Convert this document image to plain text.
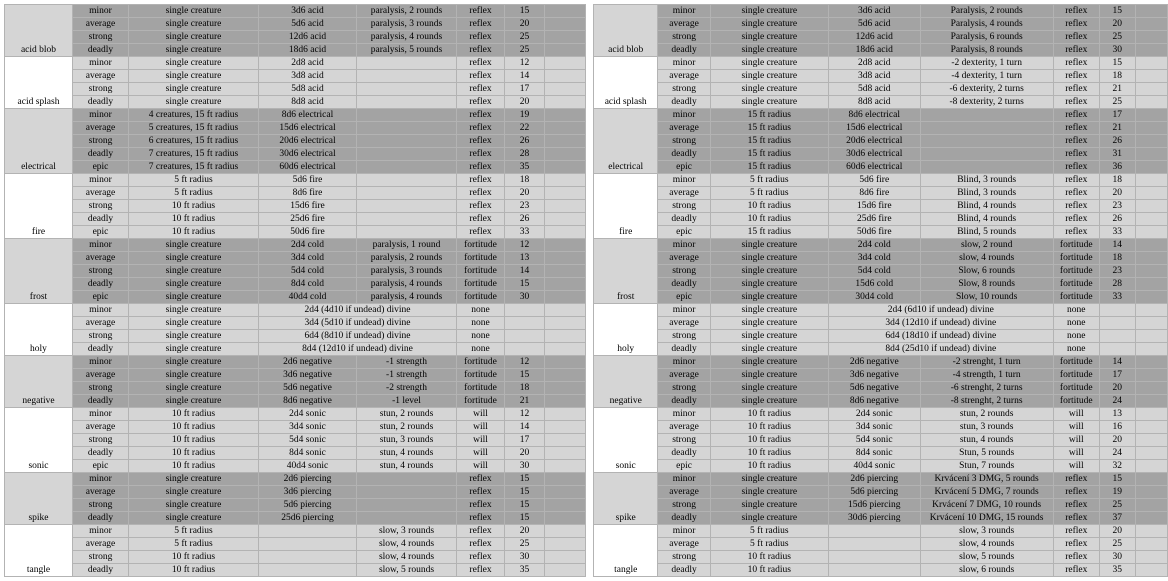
acid blob	minor	single creature	3d6 acid	paralysis, 2 rounds	reflex	15	
	average	single creature	5d6 acid	paralysis, 3 rounds	reflex	20	
	strong	single creature	12d6 acid	paralysis, 4 rounds	reflex	25	
	deadly	single creature	18d6 acid	paralysis, 5 rounds	reflex	25	
acid splash	minor	single creature	2d8 acid		reflex	12	
	average	single creature	3d8 acid		reflex	14	
	strong	single creature	5d8 acid		reflex	17	
	deadly	single creature	8d8 acid		reflex	20	
electrical	minor	4 creatures, 15 ft radius	8d6 electrical		reflex	19	
	average	5 creatures, 15 ft radius	15d6 electrical		reflex	22	
	strong	6 creatures, 15 ft radius	20d6 electrical		reflex	26	
	deadly	7 creatures, 15 ft radius	30d6 electrical		reflex	28	
	epic	7 creatures, 15 ft radius	60d6 electrical		reflex	35	
fire	minor	5 ft radius	5d6 fire		reflex	18	
	average	5 ft radius	8d6 fire		reflex	20	
	strong	10 ft radius	15d6 fire		reflex	23	
	deadly	10 ft radius	25d6 fire		reflex	26	
	epic	10 ft radius	50d6 fire		reflex	33	
frost	minor	single creature	2d4 cold	paralysis, 1 round	fortitude	12	
	average	single creature	3d4 cold	paralysis, 2 rounds	fortitude	13	
	strong	single creature	5d4 cold	paralysis, 3 rounds	fortitude	14	
	deadly	single creature	8d4 cold	paralysis, 4 rounds	fortitude	15	
	epic	single creature	40d4 cold	paralysis, 4 rounds	fortitude	30	
holy	minor	single creature	2d4 (4d10 if undead) divine		none		
	average	single creature	3d4 (5d10 if undead) divine		none		
	strong	single creature	6d4 (8d10 if undead) divine		none		
	deadly	single creature	8d4 (12d10 if undead) divine		none		
negative	minor	single creature	2d6 negative	-1 strength	fortitude	12	
	average	single creature	3d6 negative	-1 strength	fortitude	15	
	strong	single creature	5d6 negative	-2 strength	fortitude	18	
	deadly	single creature	8d6 negative	-1 level	fortitude	21	
sonic	minor	10 ft radius	2d4 sonic	stun, 2 rounds	will	12	
	average	10 ft radius	3d4 sonic	stun, 2 rounds	will	14	
	strong	10 ft radius	5d4 sonic	stun, 3 rounds	will	17	
	deadly	10 ft radius	8d4 sonic	stun, 4 rounds	will	20	
	epic	10 ft radius	40d4 sonic	stun, 4 rounds	will	30	
spike	minor	single creature	2d6 piercing		reflex	15	
	average	single creature	3d6 piercing		reflex	15	
	strong	single creature	5d6 piercing		reflex	15	
	deadly	single creature	25d6 piercing		reflex	15	
tangle	minor	5 ft radius		slow, 3 rounds	reflex	20	
	average	5 ft radius		slow, 4 rounds	reflex	25	
	strong	10 ft radius		slow, 4 rounds	reflex	30	
	deadly	10 ft radius		slow, 5 rounds	reflex	35	
acid blob	minor	single creature	3d6 acid	Paralysis, 2 rounds	reflex	15	
	average	single creature	5d6 acid	Paralysis, 4 rounds	reflex	20	
	strong	single creature	12d6 acid	Paralysis, 6 rounds	reflex	25	
	deadly	single creature	18d6 acid	Paralysis, 8 rounds	reflex	30	
acid splash	minor	single creature	2d8 acid	-2 dexterity, 1 turn	reflex	15	
	average	single creature	3d8 acid	-4 dexterity, 1 turn	reflex	18	
	strong	single creature	5d8 acid	-6 dexterity, 2 turns	reflex	21	
	deadly	single creature	8d8 acid	-8 dexterity, 2 turns	reflex	25	
electrical	minor	15 ft radius	8d6 electrical		reflex	17	
	average	15 ft radius	15d6 electrical		reflex	21	
	strong	15 ft radius	20d6 electrical		reflex	26	
	deadly	15 ft radius	30d6 electrical		reflex	31	
	epic	15 ft radius	60d6 electrical		reflex	36	
fire	minor	5 ft radius	5d6 fire	Blind, 3 rounds	reflex	18	
	average	5 ft radius	8d6 fire	Blind, 3 rounds	reflex	20	
	strong	10 ft radius	15d6 fire	Blind, 4 rounds	reflex	23	
	deadly	10 ft radius	25d6 fire	Blind, 4 rounds	reflex	26	
	epic	15 ft radius	50d6 fire	Blind, 5 rounds	reflex	33	
frost	minor	single creature	2d4 cold	slow, 2 round	fortitude	14	
	average	single creature	3d4 cold	slow, 4 rounds	fortitude	18	
	strong	single creature	5d4 cold	Slow, 6 rounds	fortitude	23	
	deadly	single creature	15d6 cold	Slow, 8 rounds	fortitude	28	
	epic	single creature	30d4 cold	Slow, 10 rounds	fortitude	33	
holy	minor	single creature	2d4 (6d10 if undead) divine		none		
	average	single creature	3d4 (12d10 if undead) divine		none		
	strong	single creature	6d4 (18d10 if undead) divine		none		
	deadly	single creature	8d4 (25d10 if undead) divine		none		
negative	minor	single creature	2d6 negative	-2 strenght, 1 turn	fortitude	14	
	average	single creature	3d6 negative	-4 strength, 1 turn	fortitude	17	
	strong	single creature	5d6 negative	-6 strenght, 2 turns	fortitude	20	
	deadly	single creature	8d6 negative	-8 strenght, 2 turns	fortitude	24	
sonic	minor	10 ft radius	2d4 sonic	stun, 2 rounds	will	13	
	average	10 ft radius	3d4 sonic	stun, 3 rounds	will	16	
	strong	10 ft radius	5d4 sonic	stun, 4 rounds	will	20	
	deadly	10 ft radius	8d4 sonic	Stun, 5 rounds	will	24	
	epic	10 ft radius	40d4 sonic	Stun, 7 rounds	will	32	
spike	minor	single creature	2d6 piercing	Krvácení 3 DMG, 5 rounds	reflex	15	
	average	single creature	5d6 piercing	Krvácení 5 DMG, 7 rounds	reflex	19	
	strong	single creature	15d6 piercing	Krvácení 7 DMG, 10 rounds	reflex	25	
	deadly	single creature	30d6 piercing	Krvácení 10 DMG, 15 rounds	reflex	37	
tangle	minor	5 ft radius		slow, 3 rounds	reflex	20	
	average	5 ft radius		slow, 4 rounds	reflex	25	
	strong	10 ft radius		slow, 5 rounds	reflex	30	
	deadly	10 ft radius		slow, 6 rounds	reflex	35	
